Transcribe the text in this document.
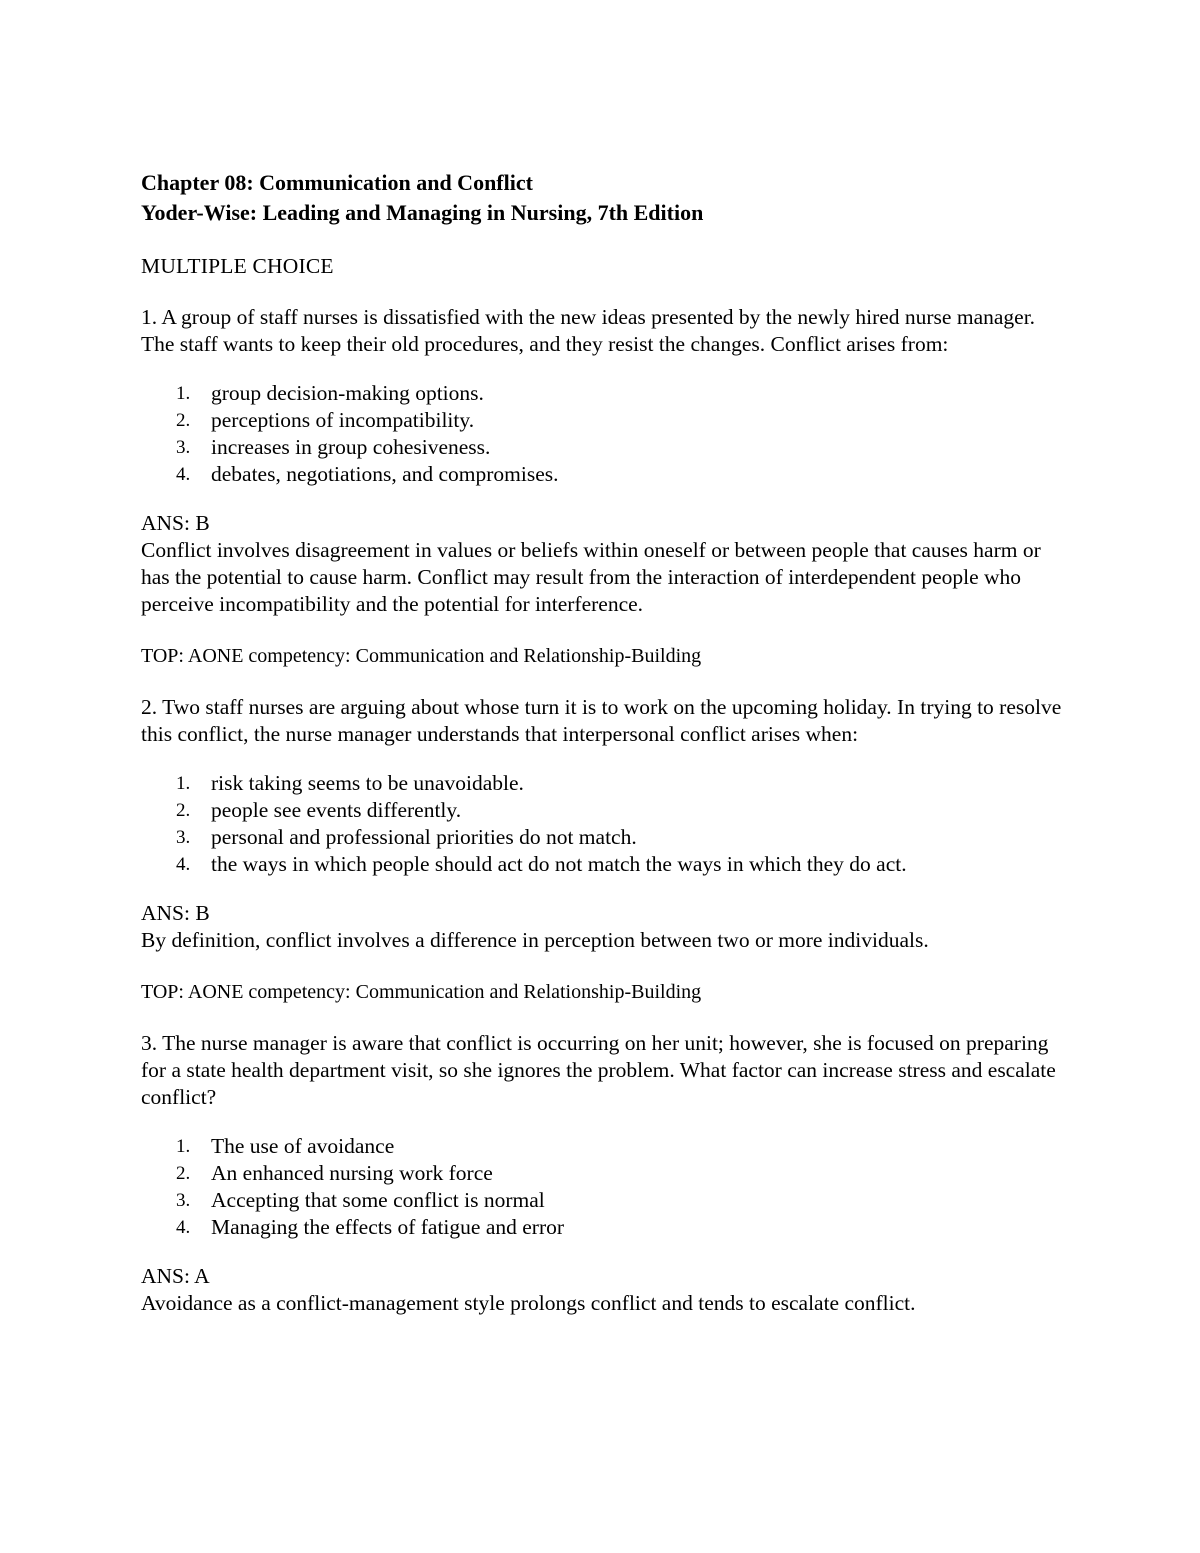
Chapter 08: Communication and Conflict

Yoder-Wise: Leading and Managing in Nursing, 7th Edition

MULTIPLE CHOICE

1. A group of staff nurses is dissatisfied with the new ideas presented by the newly hired nurse manager. The staff wants to keep their old procedures, and they resist the changes. Conflict arises from:

1. group decision-making options.
2. perceptions of incompatibility.
3. increases in group cohesiveness.
4. debates, negotiations, and compromises.

ANS: B

Conflict involves disagreement in values or beliefs within oneself or between people that causes harm or has the potential to cause harm. Conflict may result from the interaction of interdependent people who perceive incompatibility and the potential for interference.

TOP: AONE competency: Communication and Relationship-Building

2. Two staff nurses are arguing about whose turn it is to work on the upcoming holiday. In trying to resolve this conflict, the nurse manager understands that interpersonal conflict arises when:

1. risk taking seems to be unavoidable.
2. people see events differently.
3. personal and professional priorities do not match.
4. the ways in which people should act do not match the ways in which they do act.

ANS: B

By definition, conflict involves a difference in perception between two or more individuals.

TOP: AONE competency: Communication and Relationship-Building

3. The nurse manager is aware that conflict is occurring on her unit; however, she is focused on preparing for a state health department visit, so she ignores the problem. What factor can increase stress and escalate conflict?

1. The use of avoidance
2. An enhanced nursing work force
3. Accepting that some conflict is normal
4. Managing the effects of fatigue and error

ANS: A

Avoidance as a conflict-management style prolongs conflict and tends to escalate conflict.
